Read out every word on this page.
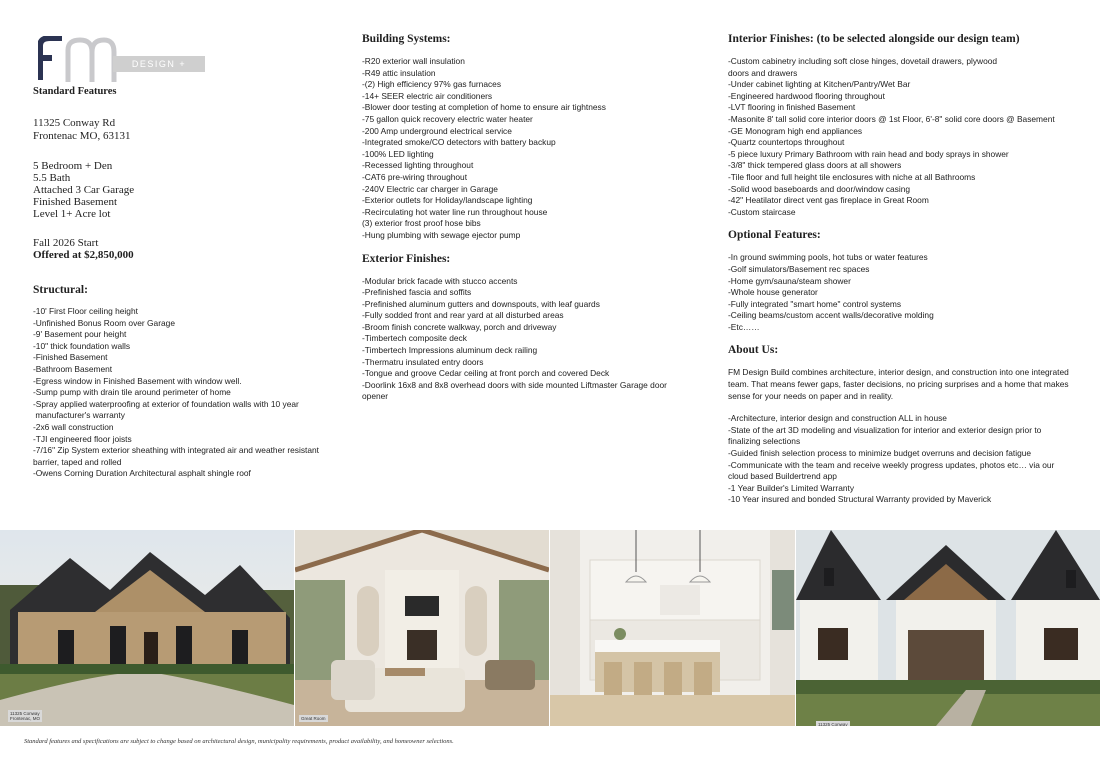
DESIGN + BUILD
Standard Features
11325 Conway Rd
Frontenac MO, 63131
5 Bedroom + Den
5.5 Bath
Attached 3 Car Garage
Finished Basement
Level 1+ Acre lot
Fall 2026 Start
Offered at $2,850,000
Structural:
-10' First Floor ceiling height
-Unfinished Bonus Room over Garage
-9' Basement pour height
-10" thick foundation walls
-Finished Basement
-Bathroom Basement
-Egress window in Finished Basement with window well.
-Sump pump with drain tile around perimeter of home
-Spray applied waterproofing at exterior of foundation walls with 10 year
manufacturer's warranty
-2x6 wall construction
-TJI engineered floor joists
-7/16" Zip System exterior sheathing with integrated air and weather resistant
barrier, taped and rolled
-Owens Corning Duration Architectural asphalt shingle roof
Building Systems:
-R20 exterior wall insulation
-R49 attic insulation
-(2) High efficiency 97% gas furnaces
-14+ SEER electric air conditioners
-Blower door testing at completion of home to ensure air tightness
-75 gallon quick recovery electric water heater
-200 Amp underground electrical service
-Integrated smoke/CO detectors with battery backup
-100% LED lighting
-Recessed lighting throughout
-CAT6 pre-wiring throughout
-240V Electric car charger in Garage
-Exterior outlets for Holiday/landscape lighting
-Recirculating hot water line run throughout house
(3) exterior frost proof hose bibs
-Hung plumbing with sewage ejector pump
Exterior Finishes:
-Modular brick facade with stucco accents
-Prefinished fascia and soffits
-Prefinished aluminum gutters and downspouts, with leaf guards
-Fully sodded front and rear yard at all disturbed areas
-Broom finish concrete walkway, porch and driveway
-Timbertech composite deck
-Timbertech Impressions aluminum deck railing
-Thermatru insulated entry doors
-Tongue and groove Cedar ceiling at front porch and covered Deck
-Doorlink 16x8 and 8x8 overhead doors with side mounted Liftmaster Garage door
opener
Interior Finishes: (to be selected alongside our design team)
-Custom cabinetry including soft close hinges, dovetail drawers, plywood
doors and drawers
-Under cabinet lighting at Kitchen/Pantry/Wet Bar
-Engineered hardwood flooring throughout
-LVT flooring in finished Basement
-Masonite 8' tall solid core interior doors @ 1st Floor, 6'-8" solid core doors @ Basement
-GE Monogram high end appliances
-Quartz countertops throughout
-5 piece luxury Primary Bathroom with rain head and body sprays in shower
-3/8" thick tempered glass doors at all showers
-Tile floor and full height tile enclosures with niche at all Bathrooms
-Solid wood baseboards and door/window casing
-42" Heatilator direct vent gas fireplace in Great Room
-Custom staircase
Optional Features:
-In ground swimming pools, hot tubs or water features
-Golf simulators/Basement rec spaces
-Home gym/sauna/steam shower
-Whole house generator
-Fully integrated "smart home" control systems
-Ceiling beams/custom accent walls/decorative molding
-Etc……
About Us:
FM Design Build combines architecture, interior design, and construction into one integrated team. That means fewer gaps, faster decisions, no pricing surprises and a home that makes sense for your needs on paper and in reality.
-Architecture, interior design and construction ALL in house
-State of the art 3D modeling and visualization for interior and exterior design prior to
finalizing selections
-Guided finish selection process to minimize budget overruns and decision fatigue
-Communicate with the team and receive weekly progress updates, photos etc… via our
cloud based Buildertrend app
-1 Year Builder's Limited Warranty
-10 Year insured and bonded Structural Warranty provided by Maverick
11325 Conway
Frontenac, MO	Great Room
11325 Conway
Standard features and specifications are subject to change based on architectural design, municipality requirements, product availability, and homeowner selections.
